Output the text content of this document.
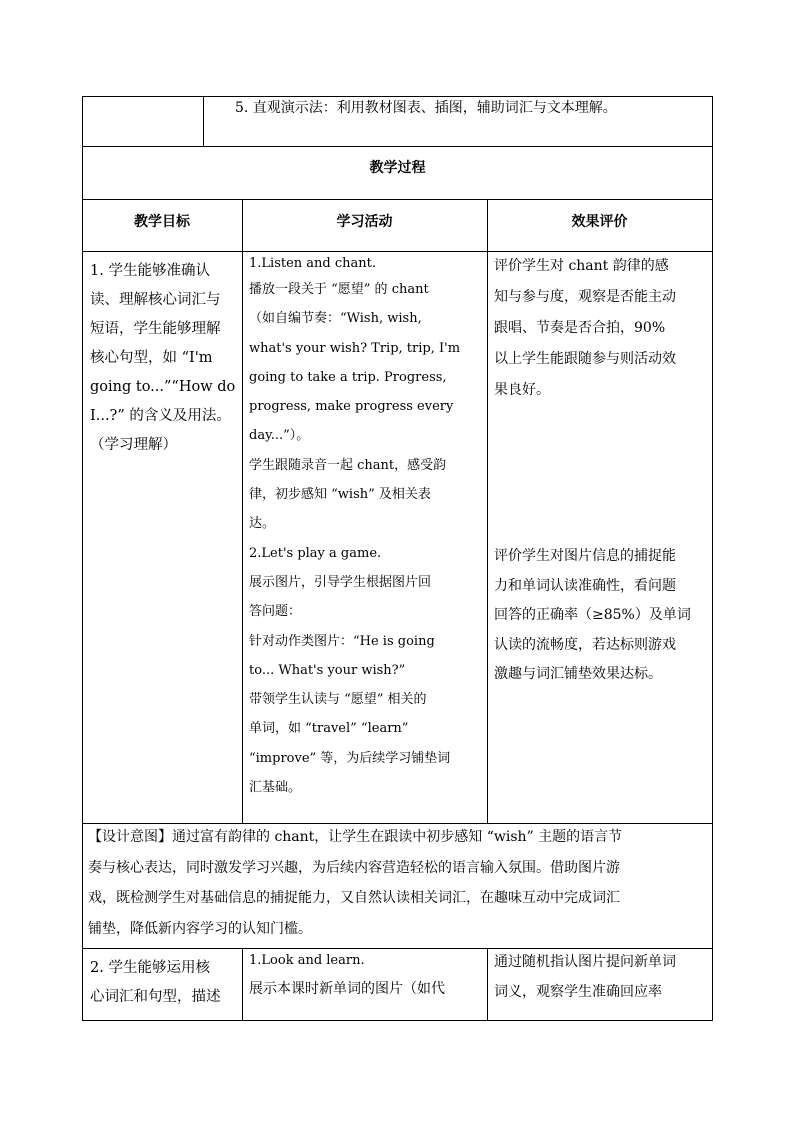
5. 直观演示法：利用教材图表、插图，辅助词汇与文本理解。
教学过程
教学目标	学习活动	效果评价

1. 学生能够准确认

读、理解核心词汇与

短语，学生能够理解

核心句型，如 “I'm

going to...”“How do

I...?” 的含义及用法。

（学习理解）

1.Listen and chant.

播放一段关于 “愿望” 的 chant

（如自编节奏：“Wish, wish,

what's your wish? Trip, trip, I'm

going to take a trip. Progress,

progress, make progress every

day...”）。

学生跟随录音一起 chant，感受韵

律，初步感知 “wish” 及相关表

达。

2.Let's play a game.

展示图片，引导学生根据图片回

答问题：

针对动作类图片：“He is going

to... What's your wish?”

带领学生认读与 “愿望” 相关的

单词，如 “travel” “learn”

“improve” 等，为后续学习铺垫词

汇基础。

评价学生对 chant 韵律的感

知与参与度，观察是否能主动

跟唱、节奏是否合拍，90%

以上学生能跟随参与则活动效

果良好。

评价学生对图片信息的捕捉能

力和单词认读准确性，看问题

回答的正确率（≥85%）及单词

认读的流畅度，若达标则游戏

激趣与词汇铺垫效果达标。

【设计意图】通过富有韵律的 chant，让学生在跟读中初步感知 “wish” 主题的语言节

奏与核心表达，同时激发学习兴趣，为后续内容营造轻松的语言输入氛围。借助图片游

戏，既检测学生对基础信息的捕捉能力，又自然认读相关词汇，在趣味互动中完成词汇

铺垫，降低新内容学习的认知门槛。

2. 学生能够运用核

心词汇和句型，描述

1.Look and learn.

展示本课时新单词的图片（如代

通过随机指认图片提问新单词

词义，观察学生准确回应率
